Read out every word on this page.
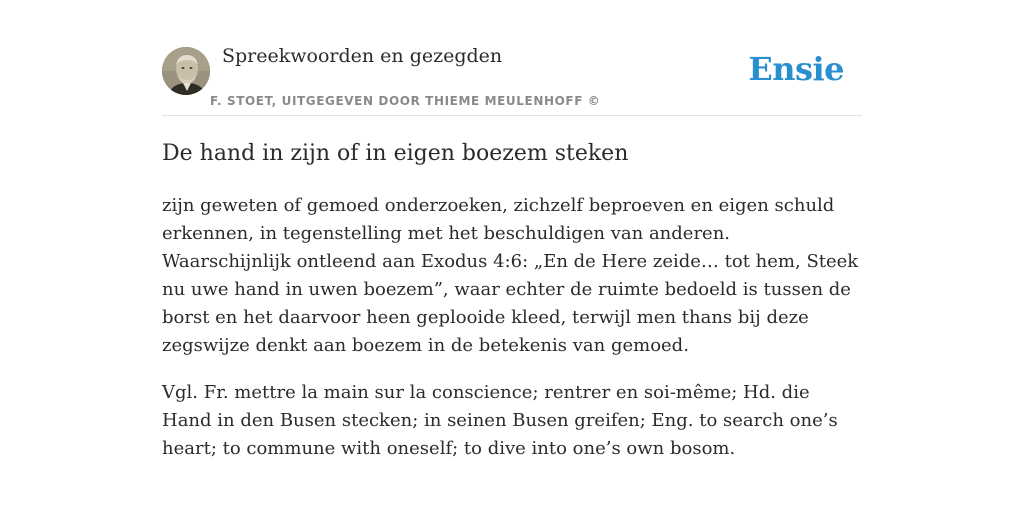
Spreekwoorden en gezegden
F. STOET, UITGEGEVEN DOOR THIEME MEULENHOFF ©
Ensie
De hand in zijn of in eigen boezem steken

zijn geweten of gemoed onderzoeken, zichzelf beproeven en eigen schuld erkennen, in tegenstelling met het beschuldigen van anderen. Waarschijnlijk ontleend aan Exodus 4:6: „En de Here zeide… tot hem, Steek nu uwe hand in uwen boezem”, waar echter de ruimte bedoeld is tussen de borst en het daarvoor heen geplooide kleed, terwijl men thans bij deze zegswijze denkt aan boezem in de betekenis van gemoed.

Vgl. Fr. mettre la main sur la conscience; rentrer en soi-même; Hd. die Hand in den Busen stecken; in seinen Busen greifen; Eng. to search one’s heart; to commune with oneself; to dive into one’s own bosom.
